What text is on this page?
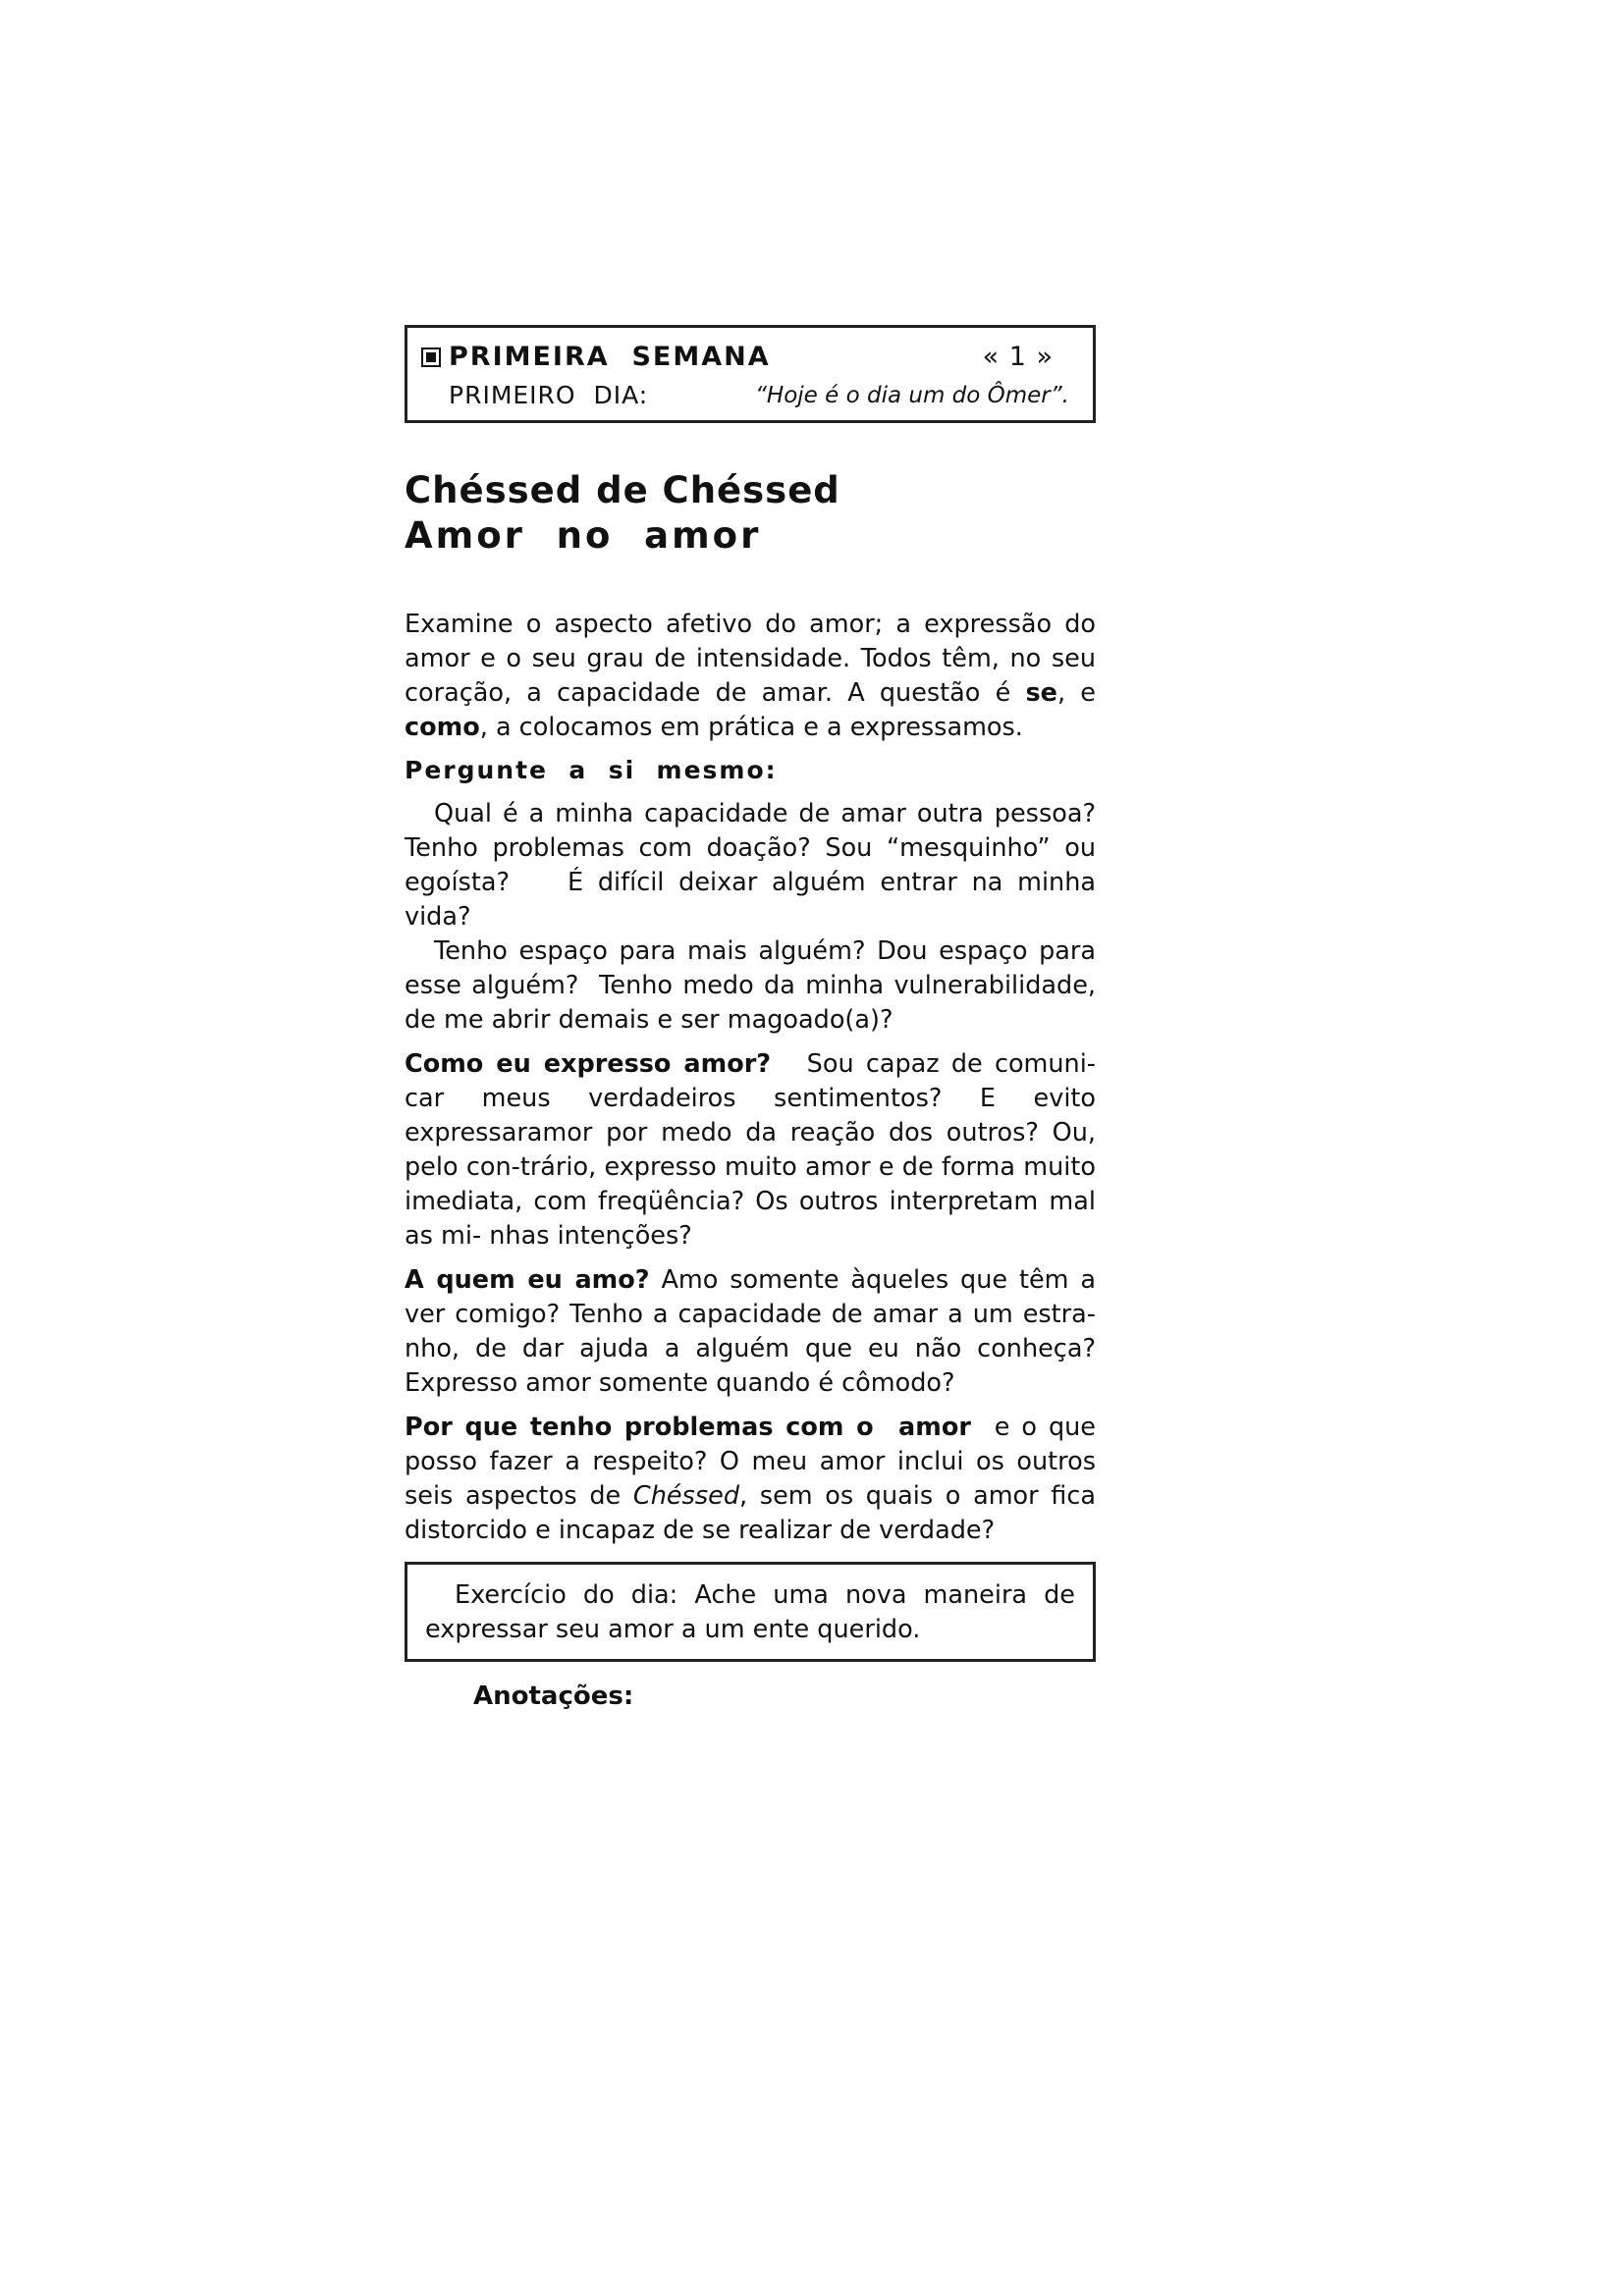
PRIMEIRA  SEMANA	« 1 »
PRIMEIRO  DIA:	“Hoje é o dia um do Ômer”.
Chéssed de Chéssed
Amor  no  amor

Examine o aspecto afetivo do amor; a expressão do amor e o seu grau de intensidade. Todos têm, no seu coração, a capacidade de amar. A questão é se, e como, a colocamos em prática e a expressamos.

Pergunte  a  si  mesmo:

Qual é a minha capacidade de amar outra pessoa? Tenho problemas com doação? Sou “mesquinho” ou egoísta?    É difícil deixar alguém entrar na minha vida?

Tenho espaço para mais alguém? Dou espaço para esse alguém?  Tenho medo da minha vulnerabilidade, de me abrir demais e ser magoado(a)?

Como eu expresso amor?   Sou capaz de comuni- car meus verdadeiros sentimentos? E evito expressaramor por medo da reação dos outros? Ou, pelo con-trário, expresso muito amor e de forma muito imediata, com freqüência? Os outros interpretam mal as mi- nhas intenções?

A quem eu amo? Amo somente àqueles que têm a ver comigo? Tenho a capacidade de amar a um estra- nho, de dar ajuda a alguém que eu não conheça? Expresso amor somente quando é cômodo?

Por que tenho problemas com o  amor  e o que posso fazer a respeito? O meu amor inclui os outros seis aspectos de Chéssed, sem os quais o amor fica distorcido e incapaz de se realizar de verdade?

Exercício do dia: Ache uma nova maneira de expressar seu amor a um ente querido.

Anotações:
